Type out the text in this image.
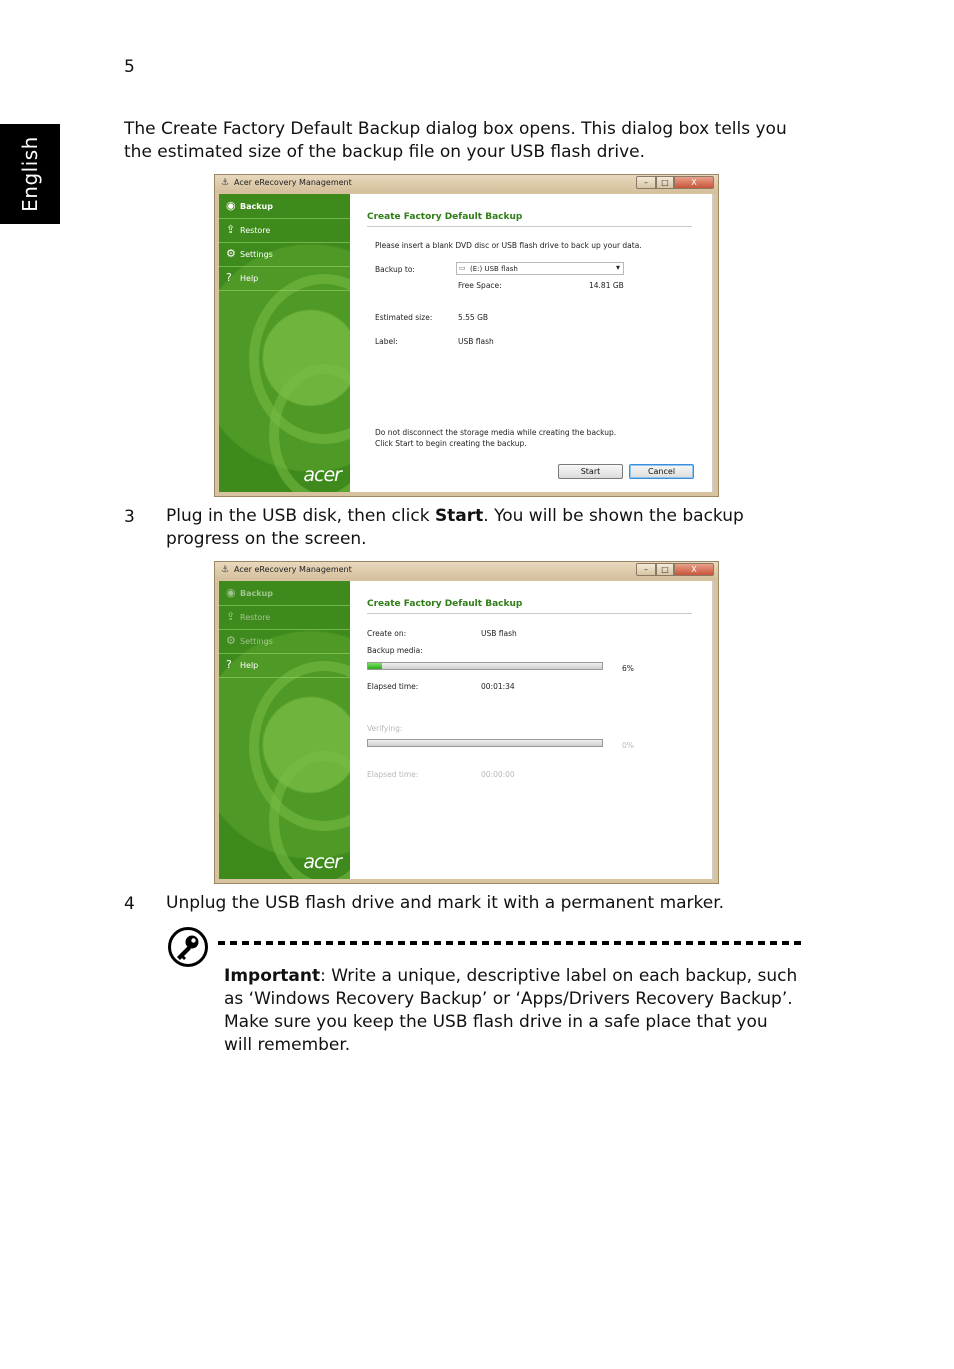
5
English
The Create Factory Default Backup dialog box opens. This dialog box tells you
the estimated size of the backup file on your USB flash drive.
⚓ Acer eRecovery Management	–	□	X
◉ Backup
⇪ Restore
⚙ Settings
?	Help
acer
Create Factory Default Backup
Please insert a blank DVD disc or USB flash drive to back up your data.
Backup to:	▭ (E:) USB flash	▾
Free Space:	14.81 GB
Estimated size:	5.55 GB
Label:	USB flash
Do not disconnect the storage media while creating the backup.
Click Start to begin creating the backup.
Start	Cancel
3 Plug in the USB disk, then click Start. You will be shown the backup
progress on the screen.
⚓ Acer eRecovery Management	–	□	X
◉ Backup
⇪ Restore
⚙ Settings
?	Help
acer
Create Factory Default Backup
Create on:	USB flash
Backup media:
6%
Elapsed time:	00:01:34
Verifying:
0%
Elapsed time:	00:00:00
4 Unplug the USB flash drive and mark it with a permanent marker.
Important: Write a unique, descriptive label on each backup, such
as ‘Windows Recovery Backup’ or ‘Apps/Drivers Recovery Backup’.
Make sure you keep the USB flash drive in a safe place that you
will remember.
